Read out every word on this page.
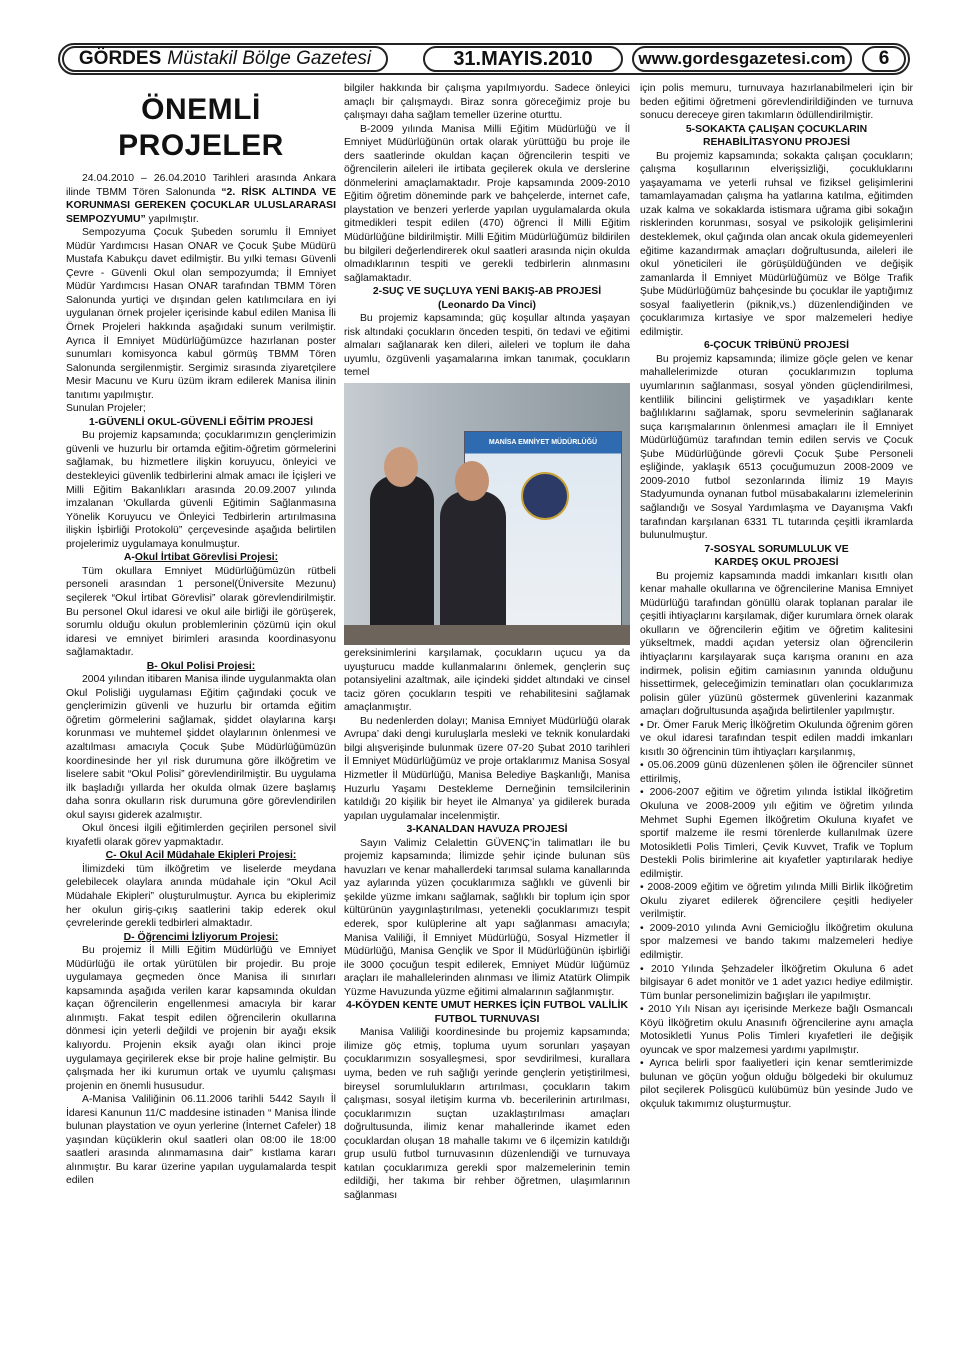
GÖRDES Müstakil Bölge Gazetesi	31.MAYIS.2010	www.gordesgazetesi.com	6
ÖNEMLİ PROJELER

24.04.2010 – 26.04.2010 Tarihleri arasında Ankara ilinde TBMM Tören Salonunda “2. RİSK ALTINDA VE KORUNMASI GEREKEN ÇOCUKLAR ULUSLARARASI SEMPOZYUMU” yapılmıştır.

Sempozyuma Çocuk Şubeden sorumlu İl Emniyet Müdür Yardımcısı Hasan ONAR ve Çocuk Şube Müdürü Mustafa Kabukçu davet edilmiştir. Bu yılki teması Güvenli Çevre - Güvenli Okul olan sempozyumda; İl Emniyet Müdür Yardımcısı Hasan ONAR tarafından TBMM Tören Salonunda yurtiçi ve dışından gelen katılımcılara en iyi uygulanan örnek projeler içerisinde kabul edilen Manisa İli Örnek Projeleri hakkında aşağıdaki sunum verilmiştir. Ayrıca İl Emniyet Müdürlüğümüzce hazırlanan poster sunumları komisyonca kabul görmüş TBMM Tören Salonunda sergilenmiştir. Sergimiz sırasında ziyaretçilere Mesir Macunu ve Kuru üzüm ikram edilerek Manisa ilinin tanıtımı yapılmıştır.

Sunulan Projeler;

1-GÜVENLİ OKUL-GÜVENLİ EĞİTİM PROJESİ

Bu projemiz kapsamında; çocuklarımızın gençlerimizin güvenli ve huzurlu bir ortamda eğitim-öğretim görmelerini sağlamak, bu hizmetlere ilişkin koruyucu, önleyici ve destekleyici güvenlik tedbirlerini almak amacı ile İçişleri ve Milli Eğitim Bakanlıkları arasında 20.09.2007 yılında imzalanan ‘Okullarda güvenli Eğitimin Sağlanmasına Yönelik Koruyucu ve Önleyici Tedbirlerin artırılmasına ilişkin İşbirliği Protokolü” çerçevesinde aşağıda belirtilen projelerimiz uygulamaya konulmuştur.

A-Okul İrtibat Görevlisi Projesi:

Tüm okullara Emniyet Müdürlüğümüzün rütbeli personeli arasından 1 personel(Üniversite Mezunu) seçilerek “Okul İrtibat Görevlisi” olarak görevlendirilmiştir. Bu personel Okul idaresi ve okul aile birliği ile görüşerek, sorumlu olduğu okulun problemlerinin çözümü için okul idaresi ve emniyet birimleri arasında koordinasyonu sağlamaktadır.

B- Okul Polisi Projesi:

2004 yılından itibaren Manisa ilinde uygulanmakta olan Okul Polisliği uygulaması Eğitim çağındaki çocuk ve gençlerimizin güvenli ve huzurlu bir ortamda eğitim öğretim görmelerini sağlamak, şiddet olaylarına karşı korunması ve muhtemel şiddet olaylarının önlenmesi ve azaltılması amacıyla Çocuk Şube Müdürlüğümüzün koordinesinde her yıl risk durumuna göre ilköğretim ve liselere sabit “Okul Polisi” görevlendirilmiştir. Bu uygulama ilk başladığı yıllarda her okulda olmak üzere başlamış daha sonra okulların risk durumuna göre görevlendirilen okul sayısı giderek azalmıştır.

Okul öncesi ilgili eğitimlerden geçirilen personel sivil kıyafetli olarak görev yapmaktadır.

C- Okul Acil Müdahale Ekipleri Projesi:

İlimizdeki tüm ilköğretim ve liselerde meydana gelebilecek olaylara anında müdahale için “Okul Acil Müdahale Ekipleri” oluşturulmuştur. Ayrıca bu ekiplerimiz her okulun giriş-çıkış saatlerini takip ederek okul çevrelerinde gerekli tedbirleri almaktadır.

D- Öğrencimi İzliyorum Projesi:

Bu projemiz İl Milli Eğitim Müdürlüğü ve Emniyet Müdürlüğü ile ortak yürütülen bir projedir. Bu proje uygulamaya geçmeden önce Manisa ili sınırları kapsamında aşağıda verilen karar kapsamında okuldan kaçan öğrencilerin engellenmesi amacıyla bir karar alınmıştı. Fakat tespit edilen öğrencilerin okullarına dönmesi için yeterli değildi ve projenin bir ayağı eksik kalıyordu. Projenin eksik ayağı olan ikinci proje uygulamaya geçirilerek ekse bir proje haline gelmiştir. Bu çalışmada her iki kurumun ortak ve uyumlu çalışması projenin en önemli hususudur.

A-Manisa Valiliğinin 06.11.2006 tarihli 5442 Sayılı İl İdaresi Kanunun 11/C maddesine istinaden “ Manisa İlinde bulunan playstation ve oyun yerlerine (İnternet Cafeler) 18 yaşından küçüklerin okul saatleri olan 08:00 ile 18:00 saatleri arasında alınmamasına dair” kıstlama kararı alınmıştır. Bu karar üzerine yapılan uygulamalarda tespit edilen

bilgiler hakkında bir çalışma yapılmıyordu. Sadece önleyici amaçlı bir çalışmaydı. Biraz sonra göreceğimiz proje bu çalışmayı daha sağlam temeller üzerine oturttu.

B-2009 yılında Manisa Milli Eğitim Müdürlüğü ve İl Emniyet Müdürlüğünün ortak olarak yürüttüğü bu proje ile ders saatlerinde okuldan kaçan öğrencilerin tespiti ve öğrencilerin aileleri ile irtibata geçilerek okula ve derslerine dönmelerini amaçlamaktadır. Proje kapsamında 2009-2010 Eğitim öğretim döneminde park ve bahçelerde, internet cafe, playstation ve benzeri yerlerde yapılan uygulamalarda okula gitmedikleri tespit edilen (470) öğrenci İl Milli Eğitim Müdürlüğüne bildirilmiştir. Milli Eğitim Müdürlüğümüz bildirilen bu bilgileri değerlendirerek okul saatleri arasında niçin okulda olmadıklarının tespiti ve gerekli tedbirlerin alınmasını sağlamaktadır.

2-SUÇ VE SUÇLUYA YENİ BAKIŞ-AB PROJESİ
(Leonardo Da Vinci)

Bu projemiz kapsamında; güç koşullar altında yaşayan risk altındaki çocukların önceden tespiti, ön tedavi ve eğitimi almaları sağlanarak ken dileri, aileleri ve toplum ile daha uyumlu, özgüvenli yaşamalarına imkan tanımak, çocukların temel

MANİSA EMNİYET MÜDÜRLÜĞÜ

gereksinimlerini karşılamak, çocukların uçucu ya da uyuşturucu madde kullanmalarını önlemek, gençlerin suç potansiyelini azaltmak, aile içindeki şiddet altındaki ve cinsel taciz gören çocukların tespiti ve rehabilitesini sağlamak amaçlanmıştır.

Bu nedenlerden dolayı; Manisa Emniyet Müdürlüğü olarak Avrupa’ daki dengi kuruluşlarla mesleki ve teknik konulardaki bilgi alışverişinde bulunmak üzere 07-20 Şubat 2010 tarihleri İl Emniyet Müdürlüğümüz ve proje ortaklarımız Manisa Sosyal Hizmetler İl Müdürlüğü, Manisa Belediye Başkanlığı, Manisa Huzurlu Yaşamı Destekleme Derneğinin temsilcilerinin katıldığı 20 kişilik bir heyet ile Almanya’ ya gidilerek burada yapılan uygulamalar incelenmiştir.

3-KANALDAN HAVUZA PROJESİ

Sayın Valimiz Celalettin GÜVENÇ’in talimatları ile bu projemiz kapsamında; İlimizde şehir içinde bulunan süs havuzları ve kenar mahallerdeki tarımsal sulama kanallarında yaz aylarında yüzen çocuklarımıza sağlıklı ve güvenli bir şekilde yüzme imkanı sağlamak, sağlıklı bir toplum için spor kültürünün yaygınlaştırılması, yetenekli çocuklarımızı tespit ederek, spor kulüplerine alt yapı sağlanması amacıyla; Manisa Valiliği, İl Emniyet Müdürlüğü, Sosyal Hizmetler İl Müdürlüğü, Manisa Gençlik ve Spor İl Müdürlüğünün işbirliği ile 3000 çocuğun tespit edilerek, Emniyet Müdür lüğümüz araçları ile mahallelerinden alınması ve İlimiz Atatürk Olimpik Yüzme Havuzunda yüzme eğitimi almalarının sağlanmıştır.

4-KÖYDEN KENTE UMUT HERKES İÇİN FUTBOL VALİLİK FUTBOL TURNUVASI

Manisa Valiliği koordinesinde bu projemiz kapsamında; ilimize göç etmiş, topluma uyum sorunları yaşayan çocuklarımızın sosyalleşmesi, spor sevdirilmesi, kurallara uyma, beden ve ruh sağlığı yerinde gençlerin yetiştirilmesi, bireysel sorumlulukların artırılması, çocukların takım çalışması, sosyal iletişim kurma vb. becerilerinin artırılması, çocuklarımızın suçtan uzaklaştırılması amaçları doğrultusunda, ilimiz kenar mahallerinde ikamet eden çocuklardan oluşan 18 mahalle takımı ve 6 ilçemizin katıldığı grup usulü futbol turnuvasının düzenlendiği ve turnuvaya katılan çocuklarımıza gerekli spor malzemelerinin temin edildiği, her takıma bir rehber öğretmen, ulaşımlarının sağlanması

için polis memuru, turnuvaya hazırlanabilmeleri için bir beden eğitimi öğretmeni görevlendirildiğinden ve turnuva sonucu dereceye giren takımların ödüllendirilmiştir.

5-SOKAKTA ÇALIŞAN ÇOCUKLARIN REHABİLİTASYONU PROJESİ

Bu projemiz kapsamında; sokakta çalışan çocukların; çalışma koşullarının elverişsizliği, çocukluklarını yaşayamama ve yeterli ruhsal ve fiziksel gelişimlerini tamamlayamadan çalışma ha yatlarına katılma, eğitimden uzak kalma ve sokaklarda istismara uğrama gibi sokağın risklerinden korunması, sosyal ve psikolojik gelişimlerini desteklemek, okul çağında olan ancak okula gidemeyenleri eğitime kazandırmak amaçları doğrultusunda, aileleri ile okul yöneticileri ile görüşüldüğünden ve değişik zamanlarda İl Emniyet Müdürlüğümüz ve Bölge Trafik Şube Müdürlüğümüz bahçesinde bu çocuklar ile yaptığımız sosyal faaliyetlerin (piknik,vs.) düzenlendiğinden ve çocuklarımıza kırtasiye ve spor malzemeleri hediye edilmiştir.

6-ÇOCUK TRİBÜNÜ PROJESİ

Bu projemiz kapsamında; ilimize göçle gelen ve kenar mahallelerimizde oturan çocuklarımızın topluma uyumlarının sağlanması, sosyal yönden güçlendirilmesi, kentlilik bilincini geliştirmek ve yaşadıkları kente bağlılıklarını sağlamak, sporu sevmelerinin sağlanarak suça karışmalarının önlenmesi amaçları ile İl Emniyet Müdürlüğümüz tarafından temin edilen servis ve Çocuk Şube Müdürlüğünde görevli Çocuk Şube Personeli eşliğinde, yaklaşık 6513 çocuğumuzun 2008-2009 ve 2009-2010 futbol sezonlarında İlimiz 19 Mayıs Stadyumunda oynanan futbol müsabakalarını izlemelerinin sağlandığı ve Sosyal Yardımlaşma ve Dayanışma Vakfı tarafından karşılanan 6331 TL tutarında çeşitli ikramlarda bulunulmuştur.

7-SOSYAL SORUMLULUK VE
KARDEŞ OKUL PROJESİ

Bu projemiz kapsamında maddi imkanları kısıtlı olan kenar mahalle okullarına ve öğrencilerine Manisa Emniyet Müdürlüğü tarafından gönüllü olarak toplanan paralar ile çeşitli ihtiyaçlarını karşılamak, diğer kurumlara örnek olarak okulların ve öğrencilerin eğitim ve öğretim kalitesini yükseltmek, maddi açıdan yetersiz olan öğrencilerin ihtiyaçlarını karşılayarak suça karışma oranını en aza indirmek, polisin eğitim camiasının yanında olduğunu hissettirmek, geleceğimizin teminatları olan çocuklarımıza polisin güler yüzünü göstermek güvenlerini kazanmak amaçları doğrultusunda aşağıda belirtilenler yapılmıştır.

• Dr. Ömer Faruk Meriç İlköğretim Okulunda öğrenim gören ve okul idaresi tarafından tespit edilen maddi imkanları kısıtlı 30 öğrencinin tüm ihtiyaçları karşılanmış,

• 05.06.2009 günü düzenlenen şölen ile öğrenciler sünnet ettirilmiş,

• 2006-2007 eğitim ve öğretim yılında İstiklal İlköğretim Okuluna ve 2008-2009 yılı eğitim ve öğretim yılında Mehmet Suphi Egemen İlköğretim Okuluna kıyafet ve sportif malzeme ile resmi törenlerde kullanılmak üzere Motosikletli Polis Timleri, Çevik Kuvvet, Trafik ve Toplum Destekli Polis birimlerine ait kıyafetler yaptırılarak hediye edilmiştir.

• 2008-2009 eğitim ve öğretim yılında Milli Birlik İlköğretim Okulu ziyaret edilerek öğrencilere çeşitli hediyeler verilmiştir.

• 2009-2010 yılında Avni Gemicioğlu İlköğretim okuluna spor malzemesi ve bando takımı malzemeleri hediye edilmiştir.

• 2010 Yılında Şehzadeler İlköğretim Okuluna 6 adet bilgisayar 6 adet monitör ve 1 adet yazıcı hediye edilmiştir. Tüm bunlar personelimizin bağışları ile yapılmıştır.

• 2010 Yılı Nisan ayı içerisinde Merkeze bağlı Osmancalı Köyü İlköğretim okulu Anasınıfı öğrencilerine aynı amaçla Motosikletli Yunus Polis Timleri kıyafetleri ile değişik oyuncak ve spor malzemesi yardımı yapılmıştır.

• Ayrıca belirli spor faaliyetleri için kenar semtlerimizde bulunan ve göçün yoğun olduğu bölgedeki bir okulumuz pilot seçilerek Polisgücü kulübümüz bün yesinde Judo ve okçuluk takımımız oluşturmuştur.
